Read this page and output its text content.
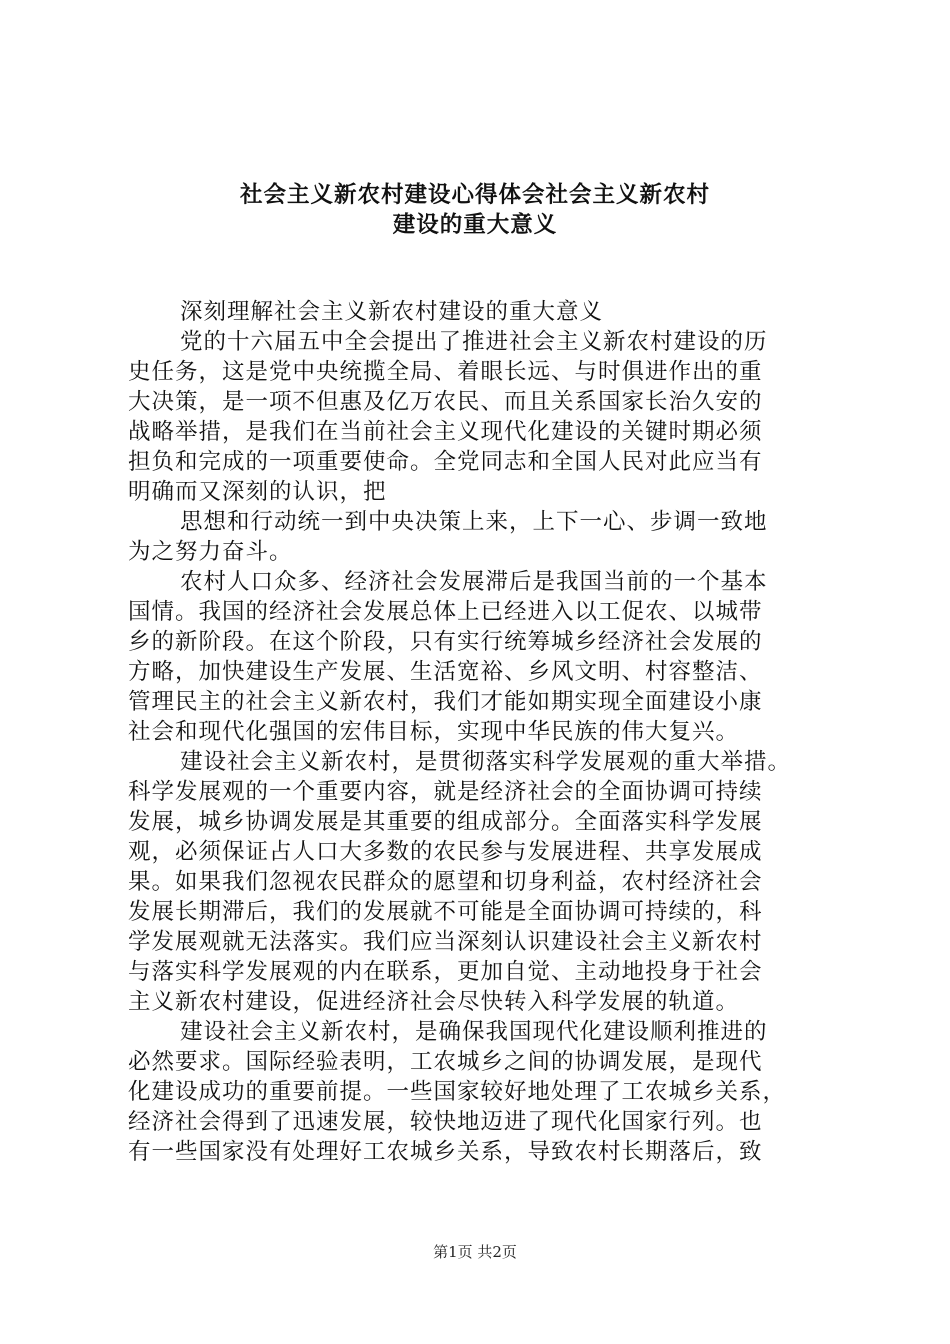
社会主义新农村建设心得体会社会主义新农村
建设的重大意义
深刻理解社会主义新农村建设的重大意义
党的十六届五中全会提出了推进社会主义新农村建设的历
史任务，这是党中央统揽全局、着眼长远、与时俱进作出的重
大决策，是一项不但惠及亿万农民、而且关系国家长治久安的
战略举措，是我们在当前社会主义现代化建设的关键时期必须
担负和完成的一项重要使命。全党同志和全国人民对此应当有
明确而又深刻的认识，把
思想和行动统一到中央决策上来，上下一心、步调一致地
为之努力奋斗。
农村人口众多、经济社会发展滞后是我国当前的一个基本
国情。我国的经济社会发展总体上已经进入以工促农、以城带
乡的新阶段。在这个阶段，只有实行统筹城乡经济社会发展的
方略，加快建设生产发展、生活宽裕、乡风文明、村容整洁、
管理民主的社会主义新农村，我们才能如期实现全面建设小康
社会和现代化强国的宏伟目标，实现中华民族的伟大复兴。
建设社会主义新农村，是贯彻落实科学发展观的重大举措。
科学发展观的一个重要内容，就是经济社会的全面协调可持续
发展，城乡协调发展是其重要的组成部分。全面落实科学发展
观，必须保证占人口大多数的农民参与发展进程、共享发展成
果。如果我们忽视农民群众的愿望和切身利益，农村经济社会
发展长期滞后，我们的发展就不可能是全面协调可持续的，科
学发展观就无法落实。我们应当深刻认识建设社会主义新农村
与落实科学发展观的内在联系，更加自觉、主动地投身于社会
主义新农村建设，促进经济社会尽快转入科学发展的轨道。
建设社会主义新农村，是确保我国现代化建设顺利推进的
必然要求。国际经验表明，工农城乡之间的协调发展，是现代
化建设成功的重要前提。一些国家较好地处理了工农城乡关系，
经济社会得到了迅速发展，较快地迈进了现代化国家行列。也
有一些国家没有处理好工农城乡关系，导致农村长期落后，致
第1页 共2页
